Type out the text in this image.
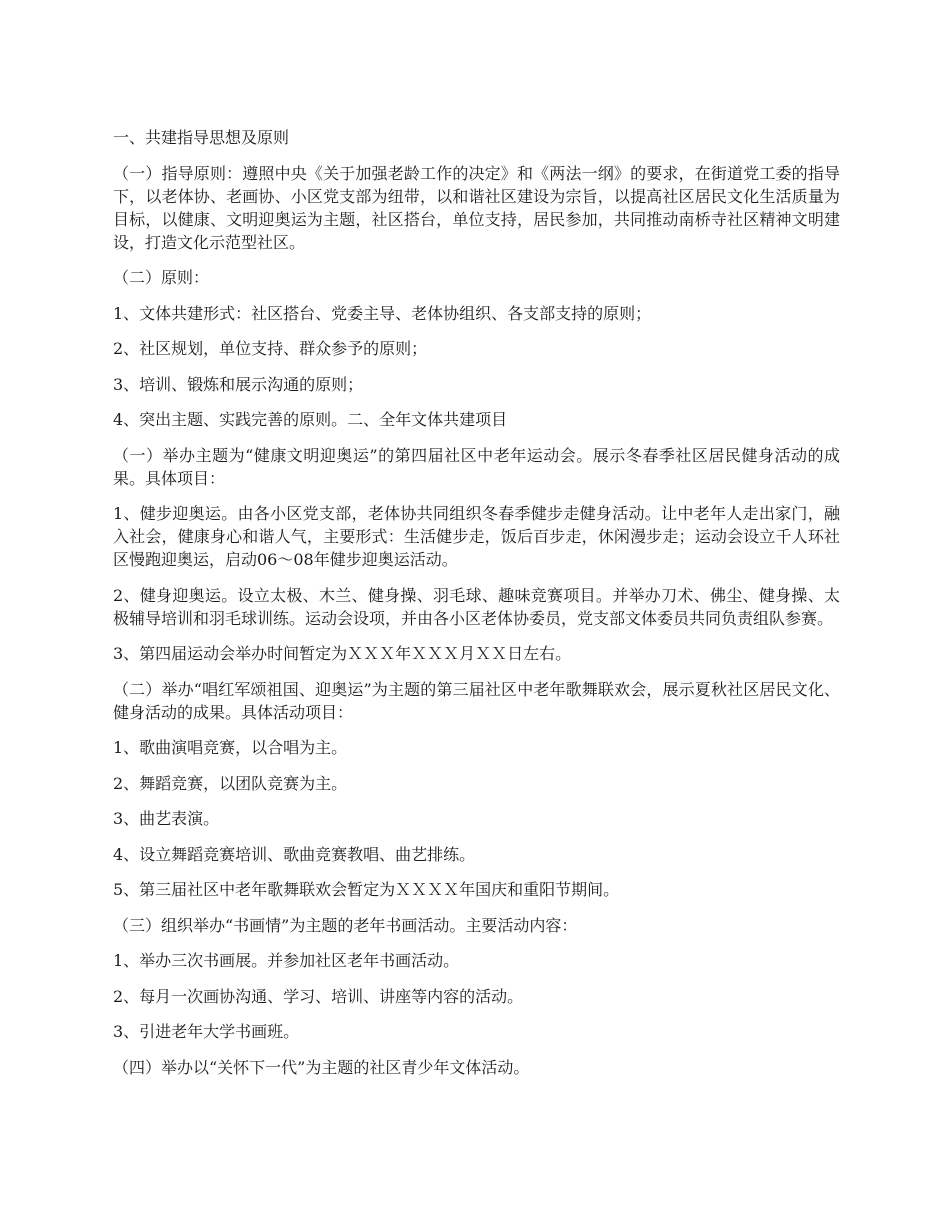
一、共建指导思想及原则

（一）指导原则：遵照中央《关于加强老龄工作的决定》和《两法一纲》的要求，在街道党工委的指导下，以老体协、老画协、小区党支部为纽带，以和谐社区建设为宗旨，以提高社区居民文化生活质量为目标，以健康、文明迎奥运为主题，社区搭台，单位支持，居民参加，共同推动南桥寺社区精神文明建设，打造文化示范型社区。

（二）原则：

1、文体共建形式：社区搭台、党委主导、老体协组织、各支部支持的原则；

2、社区规划，单位支持、群众参予的原则；

3、培训、锻炼和展示沟通的原则；

4、突出主题、实践完善的原则。二、全年文体共建项目

（一）举办主题为“健康文明迎奥运”的第四届社区中老年运动会。展示冬春季社区居民健身活动的成果。具体项目：

1、健步迎奥运。由各小区党支部，老体协共同组织冬春季健步走健身活动。让中老年人走出家门，融入社会，健康身心和谐人气，主要形式：生活健步走，饭后百步走，休闲漫步走；运动会设立千人环社区慢跑迎奥运，启动06～08年健步迎奥运活动。

2、健身迎奥运。设立太极、木兰、健身操、羽毛球、趣味竞赛项目。并举办刀术、佛尘、健身操、太极辅导培训和羽毛球训练。运动会设项，并由各小区老体协委员，党支部文体委员共同负责组队参赛。

3、第四届运动会举办时间暂定为ＸＸＸ年ＸＸＸ月ＸＸ日左右。

（二）举办“唱红军颂祖国、迎奥运”为主题的第三届社区中老年歌舞联欢会，展示夏秋社区居民文化、健身活动的成果。具体活动项目：

1、歌曲演唱竞赛，以合唱为主。

2、舞蹈竞赛，以团队竞赛为主。

3、曲艺表演。

4、设立舞蹈竞赛培训、歌曲竞赛教唱、曲艺排练。

5、第三届社区中老年歌舞联欢会暂定为ＸＸＸＸ年国庆和重阳节期间。

（三）组织举办“书画情”为主题的老年书画活动。主要活动内容：

1、举办三次书画展。并参加社区老年书画活动。

2、每月一次画协沟通、学习、培训、讲座等内容的活动。

3、引进老年大学书画班。

（四）举办以“关怀下一代”为主题的社区青少年文体活动。
